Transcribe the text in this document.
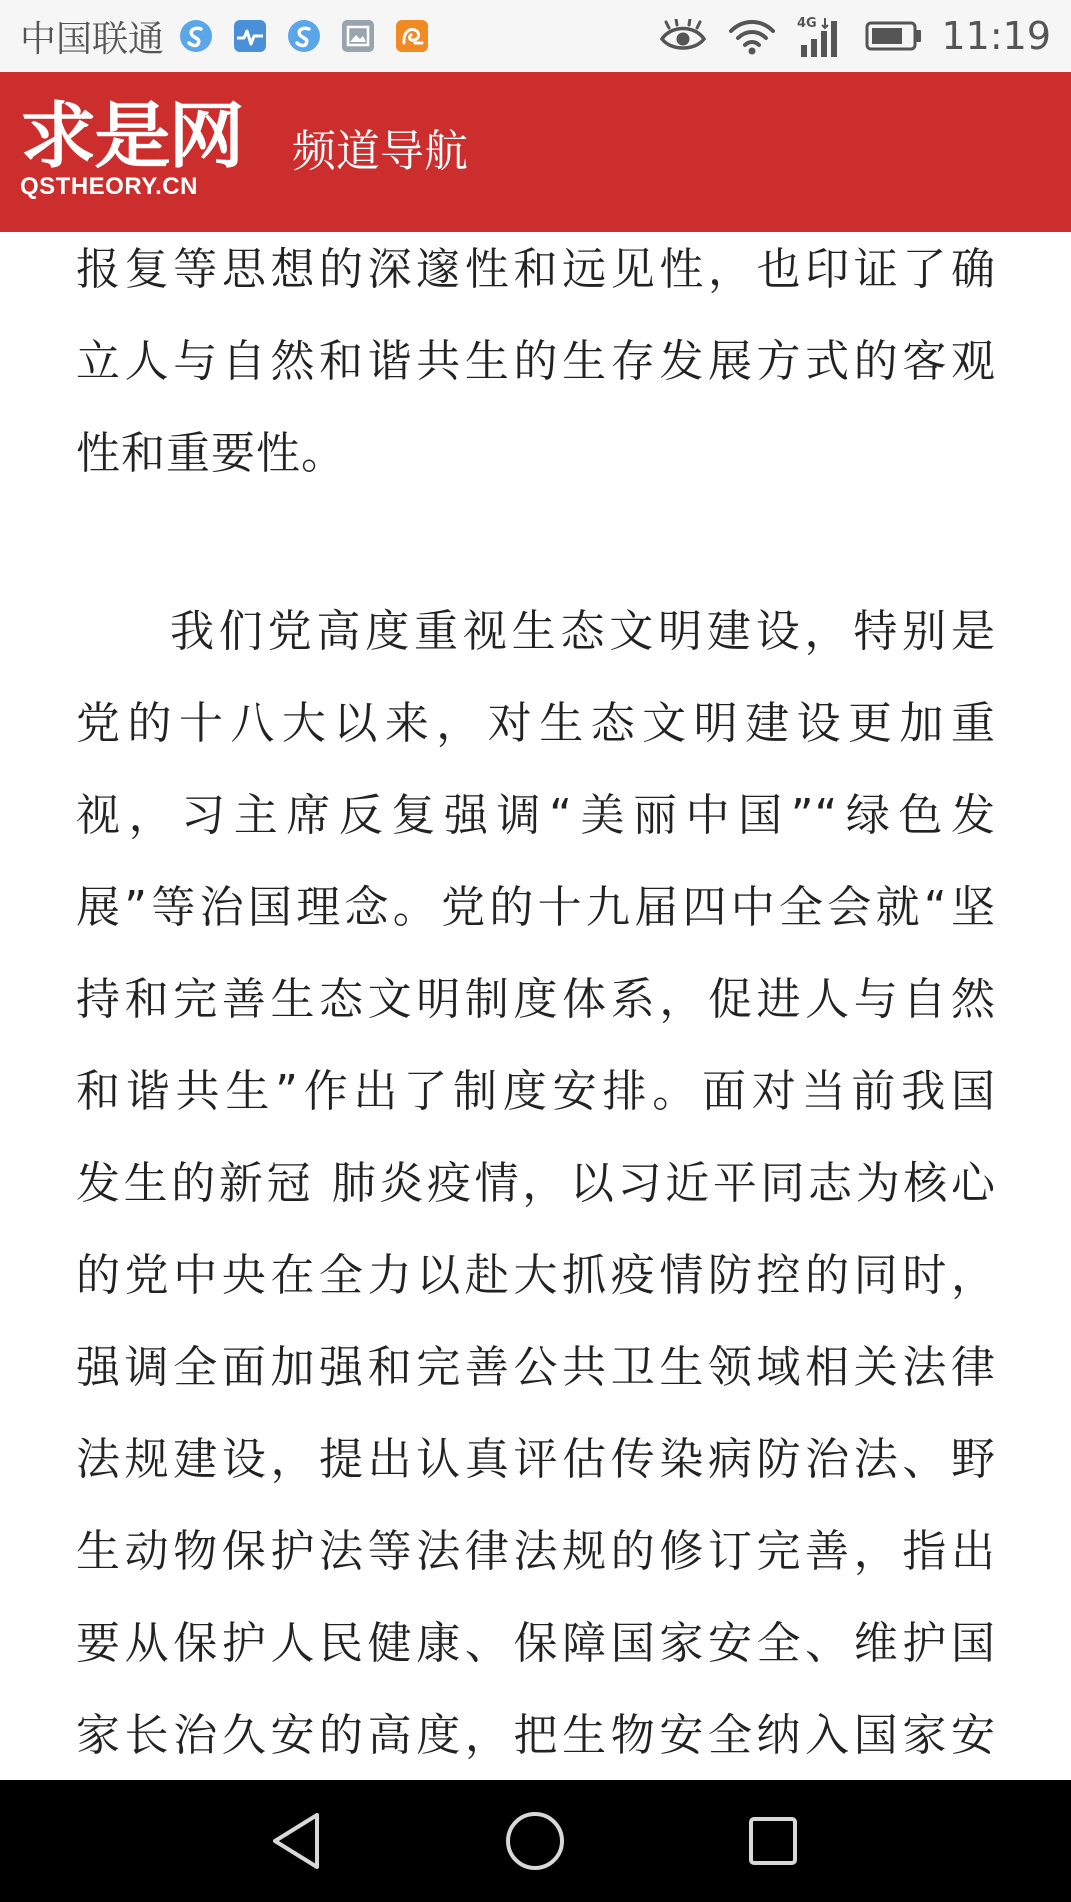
中国联通	4G	11:19
求是网
QSTHEORY.CN
频道导航
报复等思想的深邃性和远见性，也印证了确
立人与自然和谐共生的生存发展方式的客观
性和重要性。
我们党高度重视生态文明建设，特别是
党的十八大以来，对生态文明建设更加重
视，习主席反复强调“美丽中国”“绿色发
展”等治国理念。党的十九届四中全会就“坚
持和完善生态文明制度体系，促进人与自然
和谐共生”作出了制度安排。面对当前我国
发生的新冠 肺炎疫情，以习近平同志为核心
的党中央在全力以赴大抓疫情防控的同时，
强调全面加强和完善公共卫生领域相关法律
法规建设，提出认真评估传染病防治法、野
生动物保护法等法律法规的修订完善，指出
要从保护人民健康、保障国家安全、维护国
家长治久安的高度，把生物安全纳入国家安
